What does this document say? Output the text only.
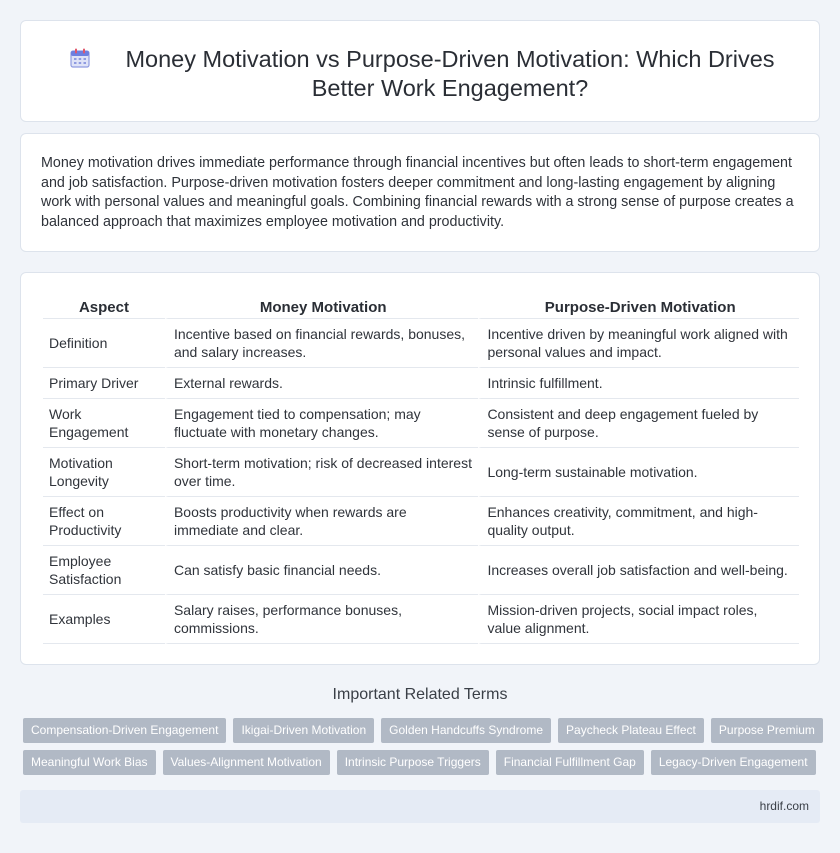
Money Motivation vs Purpose-Driven Motivation: Which Drives Better Work Engagement?

Money motivation drives immediate performance through financial incentives but often leads to short-term engagement and job satisfaction. Purpose-driven motivation fosters deeper commitment and long-lasting engagement by aligning work with personal values and meaningful goals. Combining financial rewards with a strong sense of purpose creates a balanced approach that maximizes employee motivation and productivity.

Aspect	Money Motivation	Purpose-Driven Motivation
Definition	Incentive based on financial rewards, bonuses, and salary increases.	Incentive driven by meaningful work aligned with personal values and impact.
Primary Driver	External rewards.	Intrinsic fulfillment.
Work Engagement	Engagement tied to compensation; may fluctuate with monetary changes.	Consistent and deep engagement fueled by sense of purpose.
Motivation Longevity	Short-term motivation; risk of decreased interest over time.	Long-term sustainable motivation.
Effect on Productivity	Boosts productivity when rewards are immediate and clear.	Enhances creativity, commitment, and high-quality output.
Employee Satisfaction	Can satisfy basic financial needs.	Increases overall job satisfaction and well-being.
Examples	Salary raises, performance bonuses, commissions.	Mission-driven projects, social impact roles, value alignment.
Important Related Terms
Compensation-Driven Engagement	Ikigai-Driven Motivation	Golden Handcuffs Syndrome	Paycheck Plateau Effect	Purpose Premium
Meaningful Work Bias	Values-Alignment Motivation	Intrinsic Purpose Triggers	Financial Fulfillment Gap	Legacy-Driven Engagement
hrdif.com
